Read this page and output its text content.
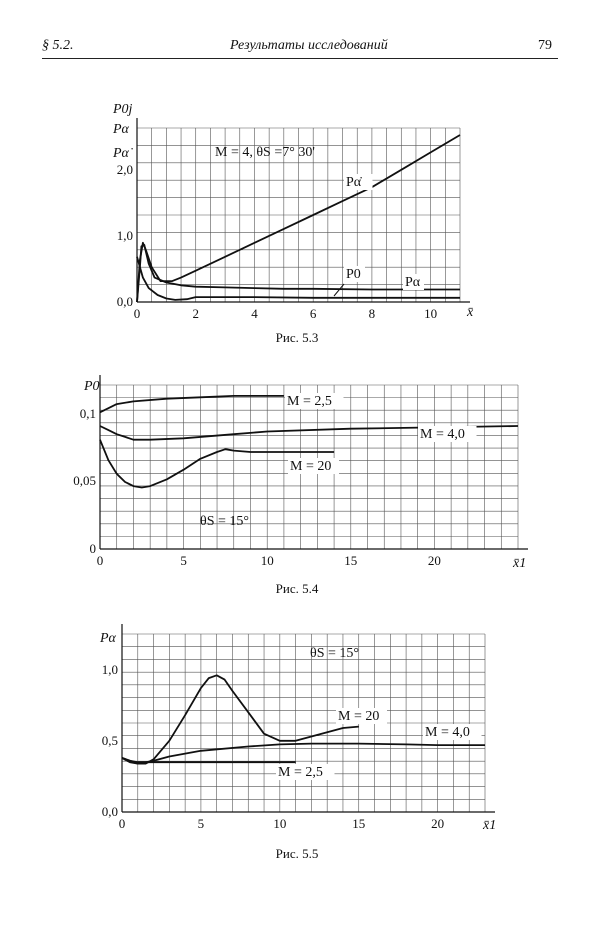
§ 5.2.	Результаты исследований	79
0	2	4	6	8	10
0,0
1,0
2,0
P0j
Pα
Pα̇
x̄
M = 4, θS =7° 30'
Pα̇
Pα
P0
0	5	10	15	20
0
0,05
0,1
P0
x̄1
θS = 15°
M = 2,5
M = 4,0
M = 20
0	5	10	15	20
0,0
0,5
1,0
Pα
x̄1
θS = 15°
M = 2,5
M = 20
M = 4,0
Рис. 5.3
Рис. 5.4
Рис. 5.5
